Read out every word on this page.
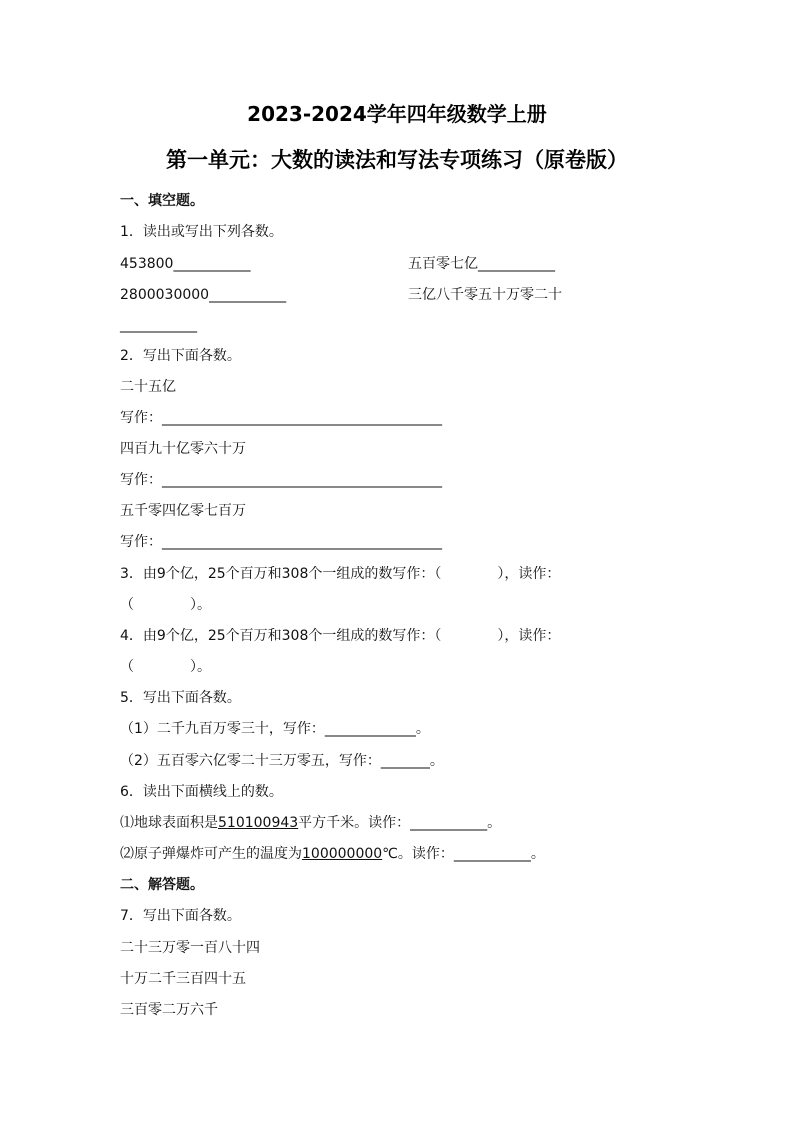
2023-2024学年四年级数学上册
第一单元：大数的读法和写法专项练习（原卷版）
一、填空题。
1．读出或写出下列各数。
453800___________	五百零七亿___________
2800030000___________	三亿八千零五十万零二十
___________
2．写出下面各数。
二十五亿
写作：________________________________________
四百九十亿零六十万
写作：________________________________________
五千零四亿零七百万
写作：________________________________________
3．由9个亿，25个百万和308个一组成的数写作：（　　　　），读作：
（　　　　）。
4．由9个亿，25个百万和308个一组成的数写作：（　　　　），读作：
（　　　　）。
5．写出下面各数。
（1）二千九百万零三十，写作：_____________。
（2）五百零六亿零二十三万零五，写作：_______。
6．读出下面横线上的数。
⑴地球表面积是510100943平方千米。读作：___________。
⑵原子弹爆炸可产生的温度为100000000℃。读作：___________。
二、解答题。
7．写出下面各数。
二十三万零一百八十四
十万二千三百四十五
三百零二万六千
